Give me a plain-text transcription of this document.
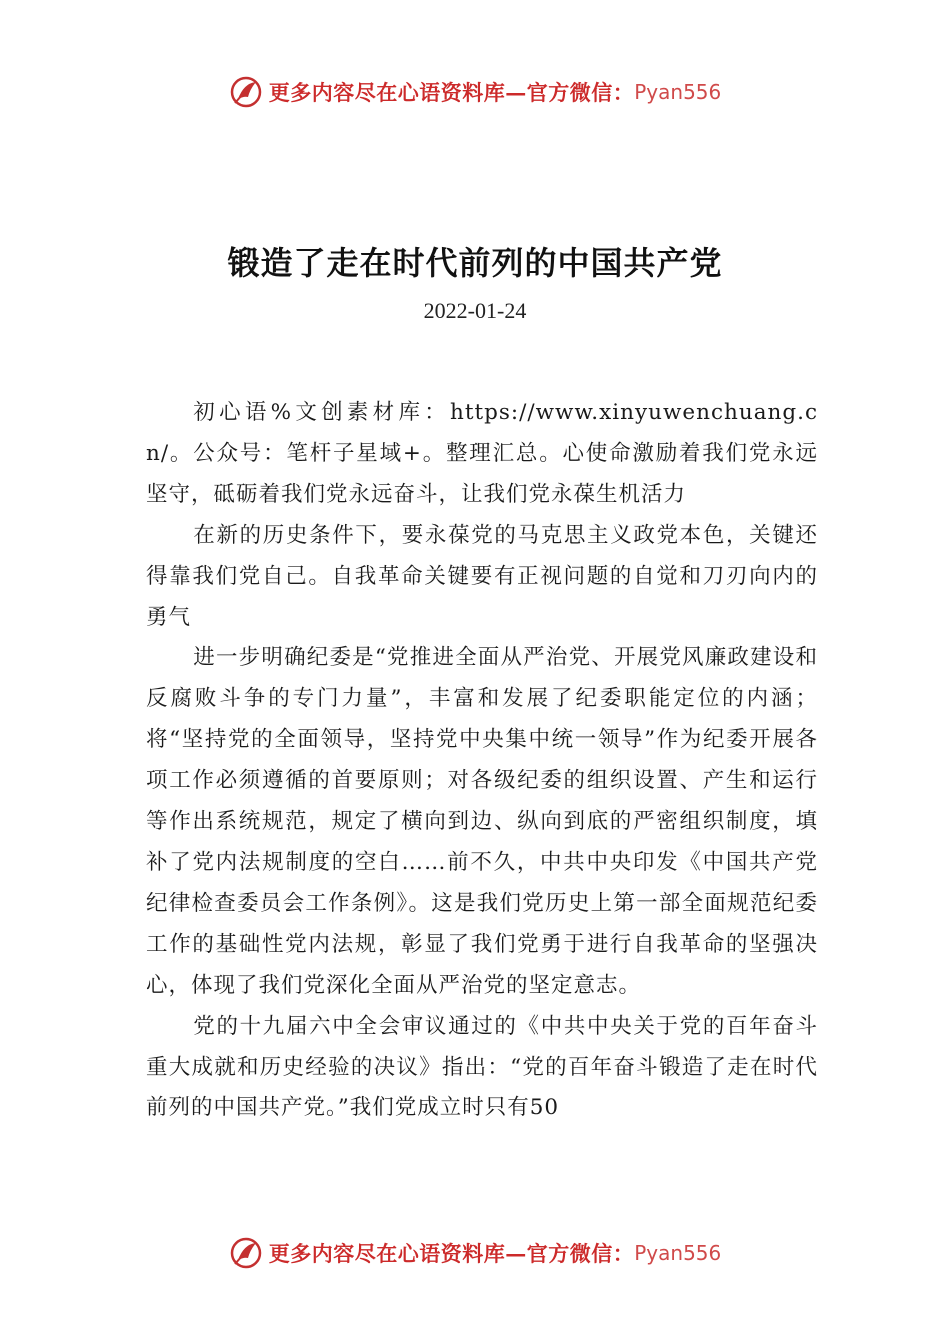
更多内容尽在心语资料库— 官方微信： Pyan556
锻造了走在时代前列的中国共产党
2022-01-24

初心语%文创素材库：https://www.xinyuwenchuang.cn/。公众号：笔杆子星域+。整理汇总。心使命激励着我们党永远坚守，砥砺着我们党永远奋斗，让我们党永葆生机活力

在新的历史条件下，要永葆党的马克思主义政党本色，关键还得靠我们党自己。自我革命关键要有正视问题的自觉和刀刃向内的勇气

进一步明确纪委是“党推进全面从严治党、开展党风廉政建设和反腐败斗争的专门力量”，丰富和发展了纪委职能定位的内涵；将“坚持党的全面领导，坚持党中央集中统一领导”作为纪委开展各项工作必须遵循的首要原则；对各级纪委的组织设置、产生和运行等作出系统规范，规定了横向到边、纵向到底的严密组织制度，填补了党内法规制度的空白……前不久，中共中央印发《中国共产党纪律检查委员会工作条例》。这是我们党历史上第一部全面规范纪委工作的基础性党内法规，彰显了我们党勇于进行自我革命的坚强决心，体现了我们党深化全面从严治党的坚定意志。

党的十九届六中全会审议通过的《中共中央关于党的百年奋斗重大成就和历史经验的决议》指出：“党的百年奋斗锻造了走在时代前列的中国共产党。”我们党成立时只有50

更多内容尽在心语资料库— 官方微信： Pyan556
